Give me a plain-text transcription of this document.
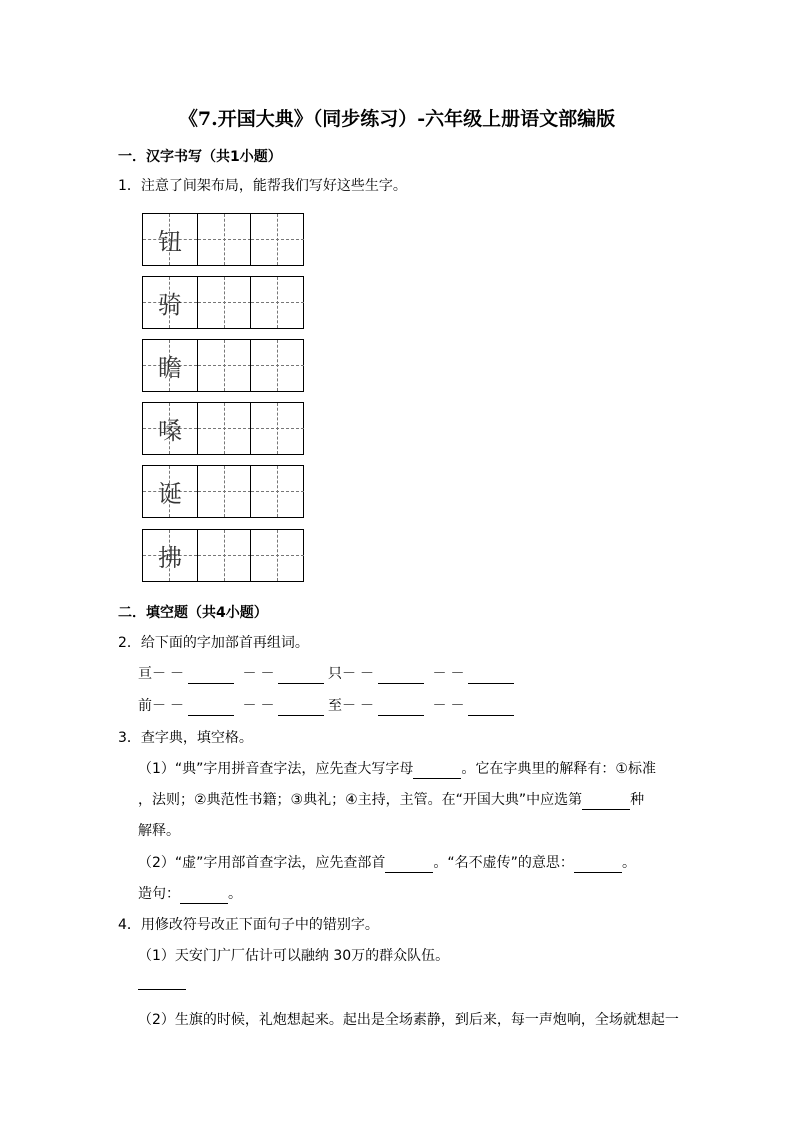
《7.开国大典》（同步练习）-六年级上册语文部编版
一．汉字书写（共1小题）
1．注意了间架布局，能帮我们写好这些生字。
钮
骑
瞻
嗓
诞
拂
二．填空题（共4小题）
2．给下面的字加部首再组词。
亘－－	－－	只－－	－－
前－－	－－	至－－	－－
3．查字典，填空格。
（1）“典”字用拼音查字法，应先查大写字母	。它在字典里的解释有：①标准
，法则；②典范性书籍；③典礼；④主持，主管。在“开国大典”中应选第	种
解释。
（2）“虚”字用部首查字法，应先查部首	。“名不虚传”的意思：	。
造句：	。
4．用修改符号改正下面句子中的错别字。
（1）天安门广厂估计可以融纳 30万的群众队伍。
（2）生旗的时候，礼炮想起来。起出是全场素静，到后来，每一声炮响，全场就想起一
